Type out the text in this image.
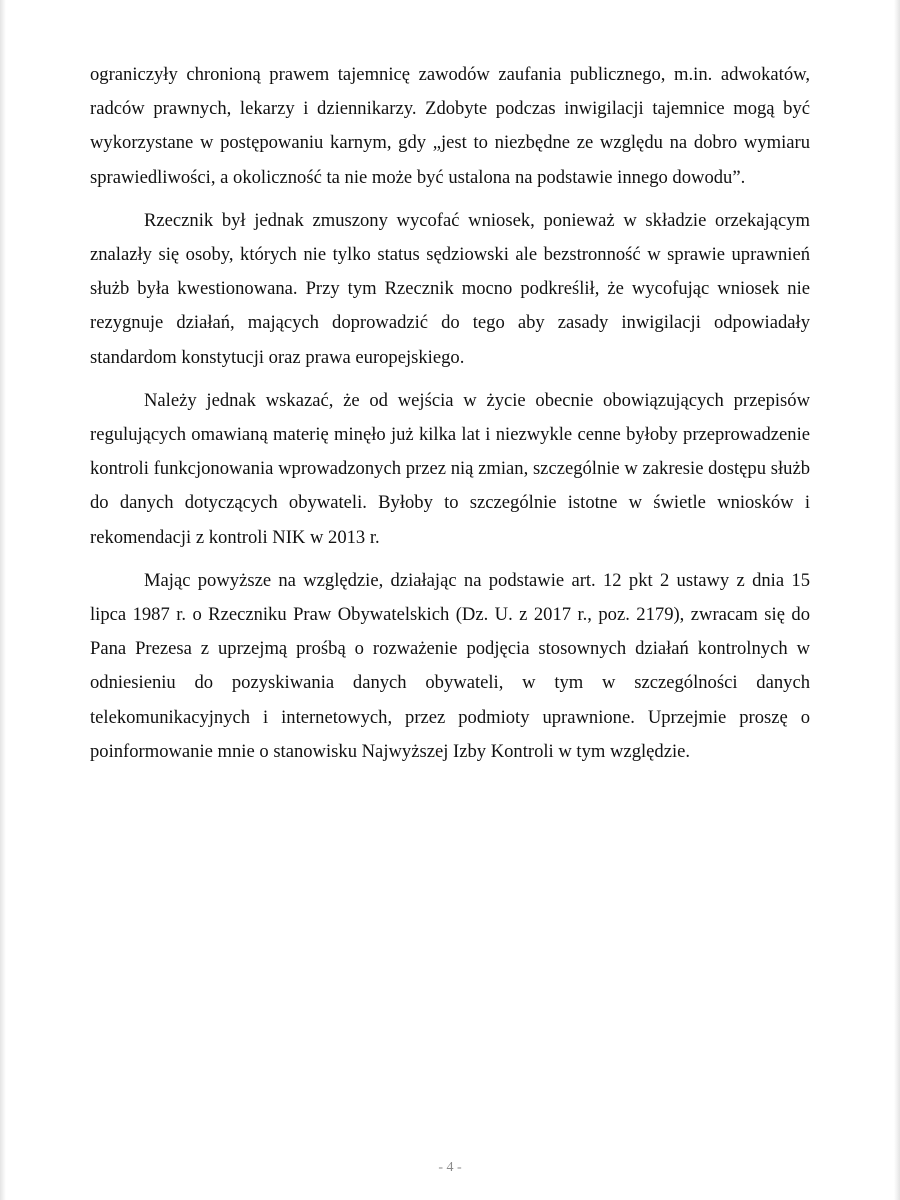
ograniczyły chronioną prawem tajemnicę zawodów zaufania publicznego, m.in. adwokatów, radców prawnych, lekarzy i dziennikarzy. Zdobyte podczas inwigilacji tajemnice mogą być wykorzystane w postępowaniu karnym, gdy „jest to niezbędne ze względu na dobro wymiaru sprawiedliwości, a okoliczność ta nie może być ustalona na podstawie innego dowodu”.

Rzecznik był jednak zmuszony wycofać wniosek, ponieważ w składzie orzekającym znalazły się osoby, których nie tylko status sędziowski ale bezstronność w sprawie uprawnień służb była kwestionowana. Przy tym Rzecznik mocno podkreślił, że wycofując wniosek nie rezygnuje działań, mających doprowadzić do tego aby zasady inwigilacji odpowiadały standardom konstytucji oraz prawa europejskiego.

Należy jednak wskazać, że od wejścia w życie obecnie obowiązujących przepisów regulujących omawianą materię minęło już kilka lat i niezwykle cenne byłoby przeprowadzenie kontroli funkcjonowania wprowadzonych przez nią zmian, szczególnie w zakresie dostępu służb do danych dotyczących obywateli. Byłoby to szczególnie istotne w świetle wniosków i rekomendacji z kontroli NIK w 2013 r.

Mając powyższe na względzie, działając na podstawie art. 12 pkt 2 ustawy z dnia 15 lipca 1987 r. o Rzeczniku Praw Obywatelskich (Dz. U. z 2017 r., poz. 2179), zwracam się do Pana Prezesa z uprzejmą prośbą o rozważenie podjęcia stosownych działań kontrolnych w odniesieniu do pozyskiwania danych obywateli, w tym w szczególności danych telekomunikacyjnych i internetowych, przez podmioty uprawnione. Uprzejmie proszę o poinformowanie mnie o stanowisku Najwyższej Izby Kontroli w tym względzie.

- 4 -
